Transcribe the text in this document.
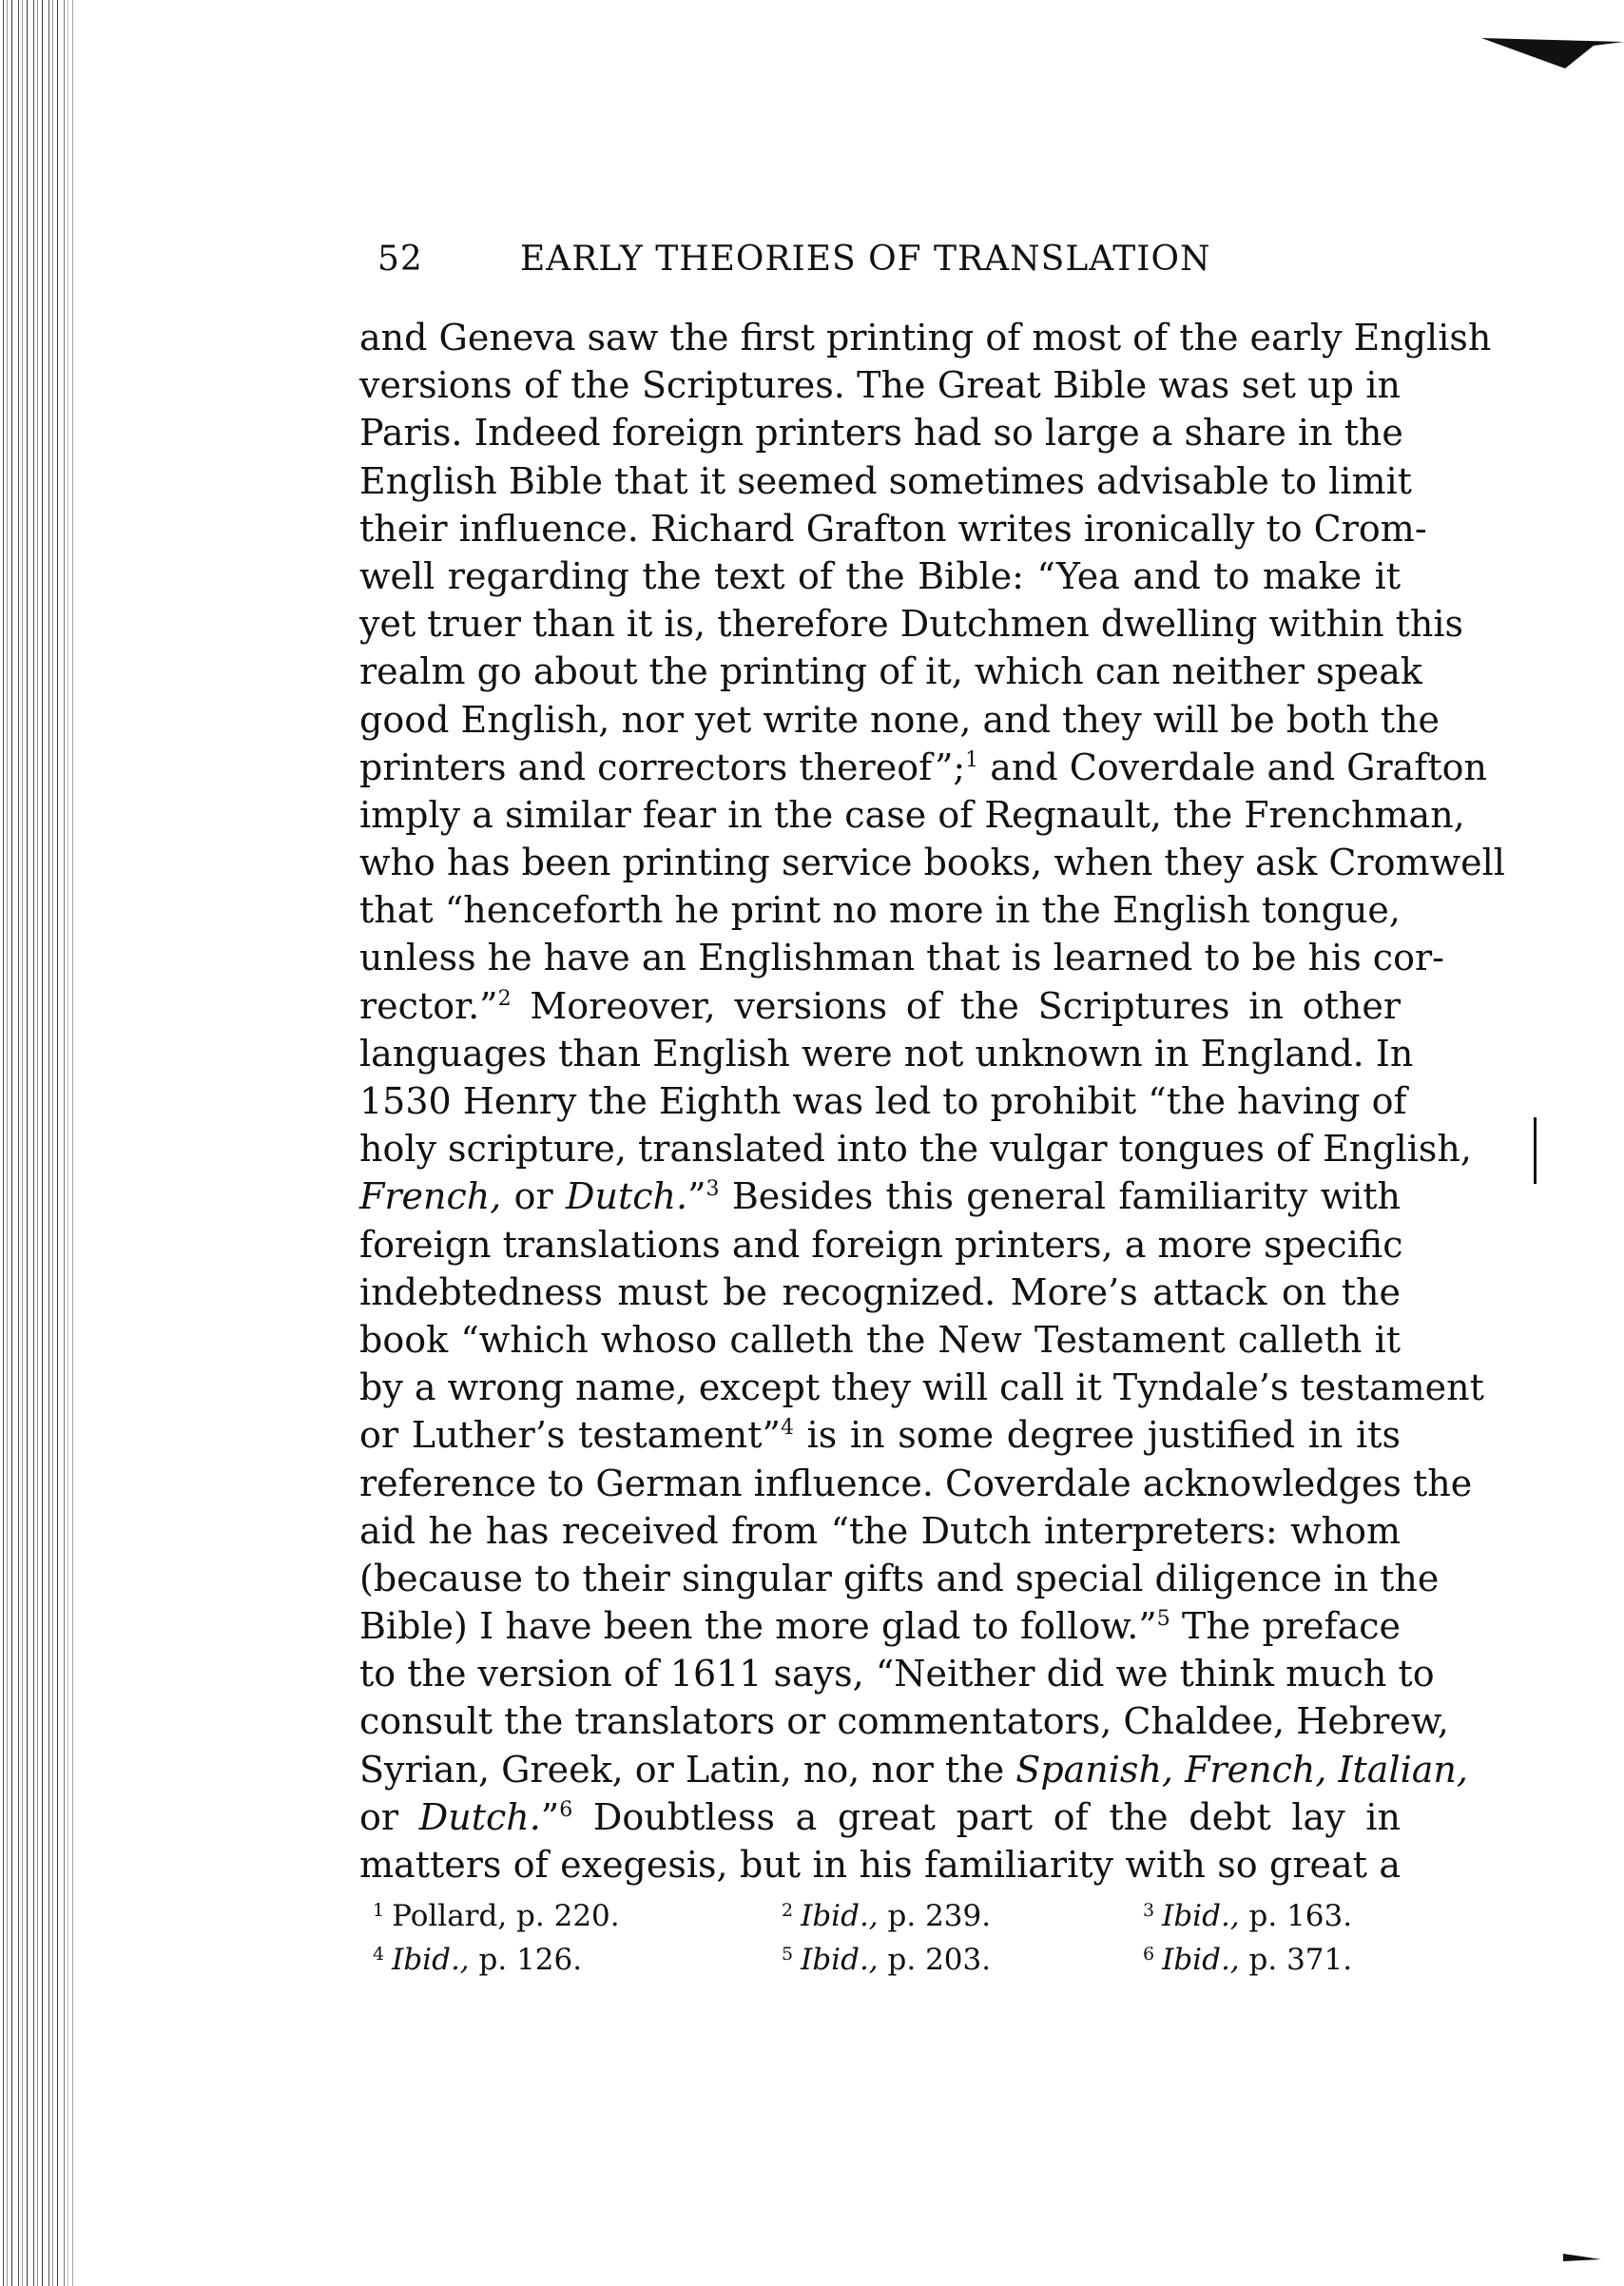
52	EARLY THEORIES OF TRANSLATION
and Geneva saw the first printing of most of the early English
versions of the Scriptures. The Great Bible was set up in
Paris. Indeed foreign printers had so large a share in the
English Bible that it seemed sometimes advisable to limit
their influence. Richard Grafton writes ironically to Crom-
well regarding the text of the Bible: “Yea and to make it
yet truer than it is, therefore Dutchmen dwelling within this
realm go about the printing of it, which can neither speak
good English, nor yet write none, and they will be both the
printers and correctors thereof”;$^1$ and Coverdale and Grafton
imply a similar fear in the case of Regnault, the Frenchman,
who has been printing service books, when they ask Cromwell
that “henceforth he print no more in the English tongue,
unless he have an Englishman that is learned to be his cor-
rector.”$^2$ Moreover, versions of the Scriptures in other
languages than English were not unknown in England. In
1530 Henry the Eighth was led to prohibit “the having of
holy scripture, translated into the vulgar tongues of English,
French, or Dutch.”$^3$ Besides this general familiarity with
foreign translations and foreign printers, a more specific
indebtedness must be recognized. More’s attack on the
book “which whoso calleth the New Testament calleth it
by a wrong name, except they will call it Tyndale’s testament
or Luther’s testament”$^4$ is in some degree justified in its
reference to German influence. Coverdale acknowledges the
aid he has received from “the Dutch interpreters: whom
(because to their singular gifts and special diligence in the
Bible) I have been the more glad to follow.”$^5$ The preface
to the version of 1611 says, “Neither did we think much to
consult the translators or commentators, Chaldee, Hebrew,
Syrian, Greek, or Latin, no, nor the Spanish, French, Italian,
or Dutch.”$^6$ Doubtless a great part of the debt lay in
matters of exegesis, but in his familiarity with so great a
$^1$ Pollard, p. 220.	$^2$ Ibid., p. 239.	$^3$ Ibid., p. 163.
$^4$ Ibid., p. 126.	$^5$ Ibid., p. 203.	$^6$ Ibid., p. 371.
